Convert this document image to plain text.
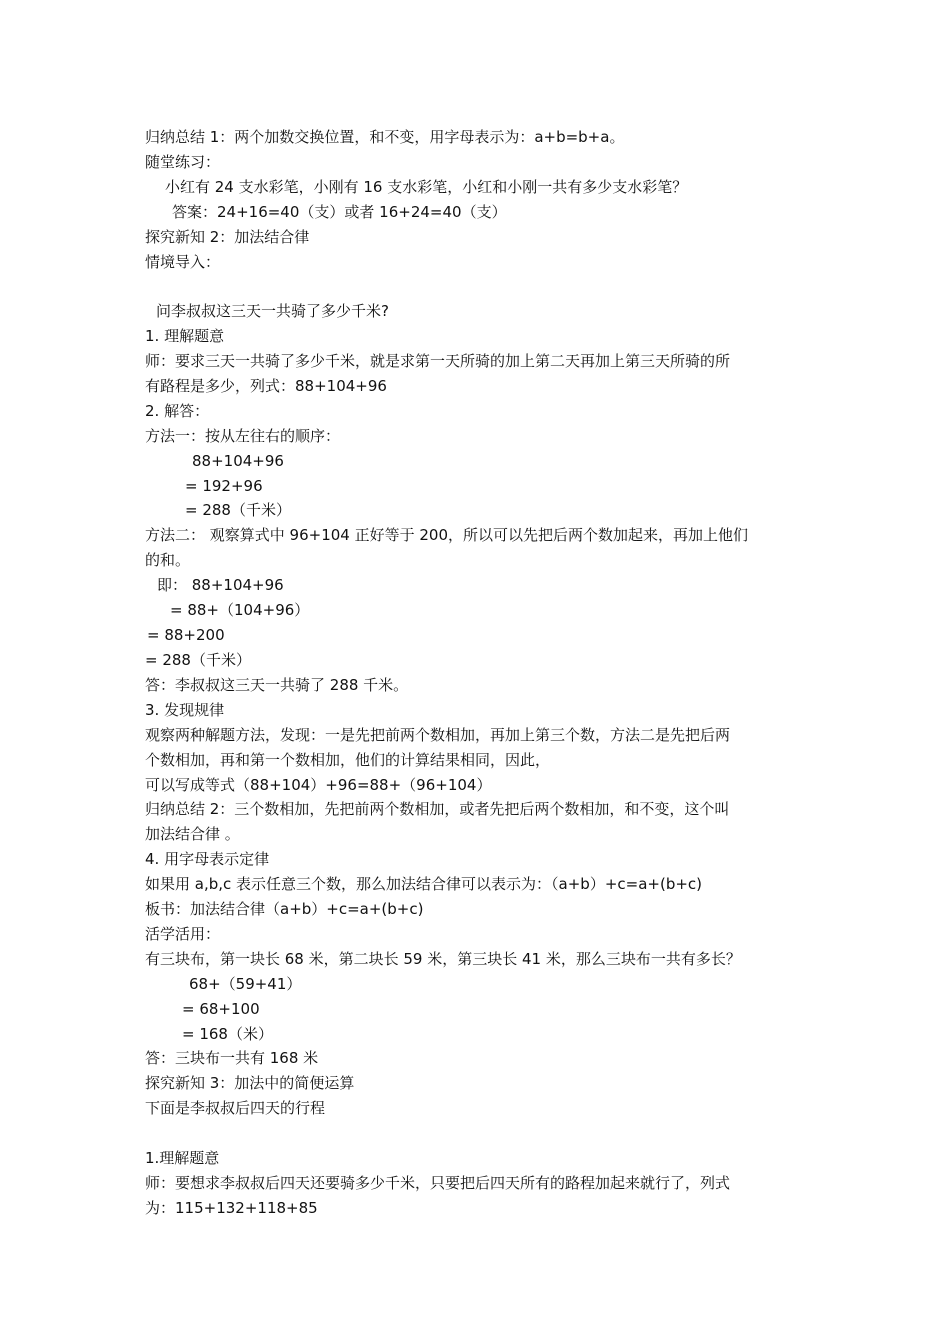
归纳总结 1：两个加数交换位置，和不变，用字母表示为：a+b=b+a。

随堂练习：

小红有 24 支水彩笔，小刚有 16 支水彩笔，小红和小刚一共有多少支水彩笔？

答案：24+16=40（支）或者 16+24=40（支）

探究新知 2：加法结合律

情境导入：

问李叔叔这三天一共骑了多少千米?

1. 理解题意

师：要求三天一共骑了多少千米，就是求第一天所骑的加上第二天再加上第三天所骑的所

有路程是多少，列式：88+104+96

2. 解答：

方法一：按从左往右的顺序：

88+104+96

= 192+96

= 288（千米）

方法二： 观察算式中 96+104 正好等于 200，所以可以先把后两个数加起来，再加上他们

的和。

即： 88+104+96

= 88+（104+96）

= 88+200

= 288（千米）

答：李叔叔这三天一共骑了 288 千米。

3. 发现规律

观察两种解题方法，发现：一是先把前两个数相加，再加上第三个数，方法二是先把后两

个数相加，再和第一个数相加，他们的计算结果相同，因此，

可以写成等式（88+104）+96=88+（96+104）

归纳总结 2：三个数相加，先把前两个数相加，或者先把后两个数相加，和不变，这个叫

加法结合律 。

4. 用字母表示定律

如果用 a,b,c 表示任意三个数，那么加法结合律可以表示为：（a+b）+c=a+(b+c)

板书：加法结合律（a+b）+c=a+(b+c)

活学活用：

有三块布，第一块长 68 米，第二块长 59 米，第三块长 41 米，那么三块布一共有多长？

68+（59+41）

= 68+100

= 168（米）

答：三块布一共有 168 米

探究新知 3：加法中的简便运算

下面是李叔叔后四天的行程

1.理解题意

师：要想求李叔叔后四天还要骑多少千米，只要把后四天所有的路程加起来就行了，列式

为：115+132+118+85
